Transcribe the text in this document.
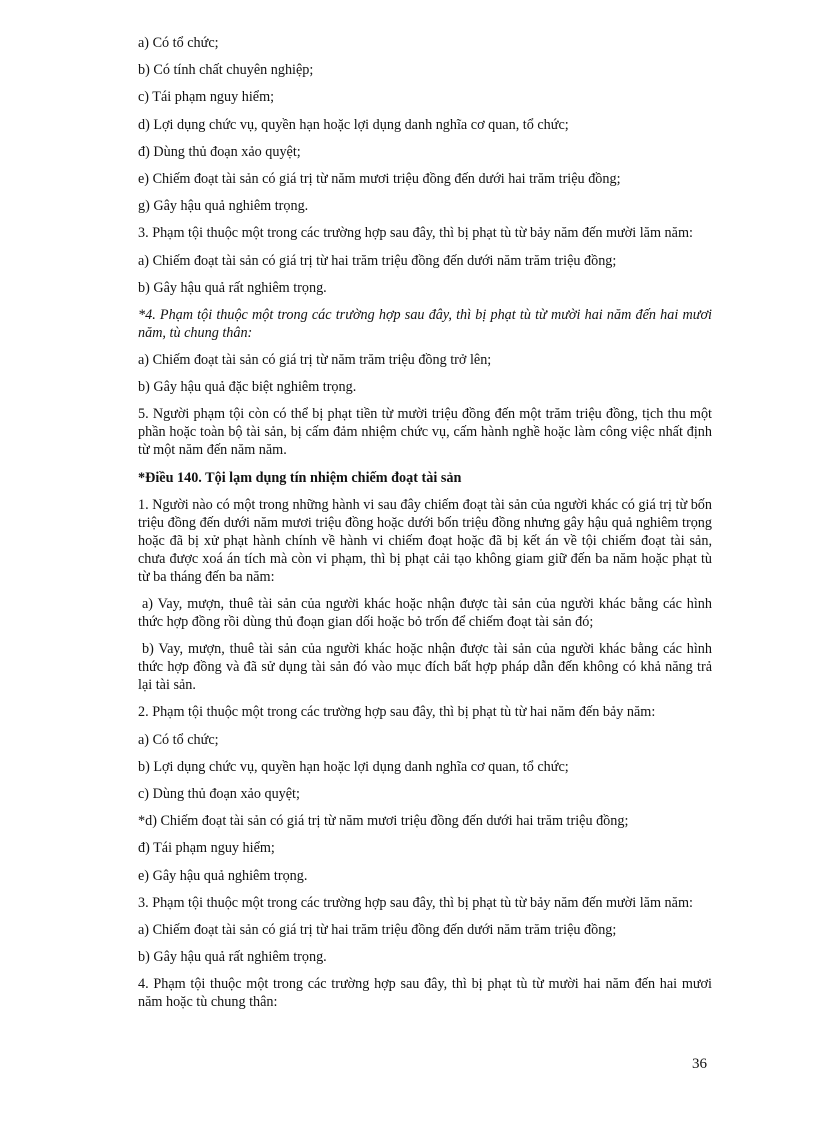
a) Có tổ chức;

b) Có tính chất chuyên nghiệp;

c) Tái phạm nguy hiểm;

d) Lợi dụng chức vụ, quyền hạn hoặc lợi dụng danh nghĩa cơ quan, tổ chức;

đ) Dùng thủ đoạn xảo quyệt;

e) Chiếm đoạt tài sản có giá trị từ năm mươi triệu đồng đến dưới hai trăm triệu đồng;

g) Gây hậu quả nghiêm trọng.

3. Phạm tội thuộc một trong các trường hợp sau đây, thì bị phạt tù từ bảy năm đến mười lăm năm:

a) Chiếm đoạt tài sản có giá trị từ hai trăm triệu đồng đến dưới năm trăm triệu đồng;

b) Gây hậu quả rất nghiêm trọng.

*4. Phạm tội thuộc một trong các trường hợp sau đây, thì bị phạt tù từ mười hai năm đến hai mươi năm, tù chung thân:

a) Chiếm đoạt tài sản có giá trị từ năm trăm triệu đồng trở lên;

b) Gây hậu quả đặc biệt nghiêm trọng.

5. Người phạm tội còn có thể bị phạt tiền từ mười triệu đồng đến một trăm triệu đồng, tịch thu một phần hoặc toàn bộ tài sản, bị cấm đảm nhiệm chức vụ, cấm hành nghề hoặc làm công việc nhất định từ một năm đến năm năm.

*Điều 140. Tội lạm dụng tín nhiệm chiếm đoạt tài sản

1. Người nào có một trong những hành vi sau đây chiếm đoạt tài sản của người khác có giá trị từ bốn triệu đồng đến dưới năm mươi triệu đồng hoặc dưới bốn triệu đồng nhưng gây hậu quả nghiêm trọng hoặc đã bị xử phạt hành chính về hành vi chiếm đoạt hoặc đã bị kết án về tội chiếm đoạt tài sản, chưa được xoá án tích mà còn vi phạm, thì bị phạt cải tạo không giam giữ đến ba năm hoặc phạt tù từ ba tháng đến ba năm:

a) Vay, mượn, thuê tài sản của người khác hoặc nhận được tài sản của người khác bằng các hình thức hợp đồng rồi dùng thủ đoạn gian dối hoặc bỏ trốn để chiếm đoạt tài sản đó;

b) Vay, mượn, thuê tài sản của người khác hoặc nhận được tài sản của người khác bằng các hình thức hợp đồng và đã sử dụng tài sản đó vào mục đích bất hợp pháp dẫn đến không có khả năng trả lại tài sản.

2. Phạm tội thuộc một trong các trường hợp sau đây, thì bị phạt tù từ hai năm đến bảy năm:

a) Có tổ chức;

b) Lợi dụng chức vụ, quyền hạn hoặc lợi dụng danh nghĩa cơ quan, tổ chức;

c) Dùng thủ đoạn xảo quyệt;

*d) Chiếm đoạt tài sản có giá trị từ năm mươi triệu đồng đến dưới hai trăm triệu đồng;

đ) Tái phạm nguy hiểm;

e) Gây hậu quả nghiêm trọng.

3. Phạm tội thuộc một trong các trường hợp sau đây, thì bị phạt tù từ bảy năm đến mười lăm năm:

a) Chiếm đoạt tài sản có giá trị từ hai trăm triệu đồng đến dưới năm trăm triệu đồng;

b) Gây hậu quả rất nghiêm trọng.

4. Phạm tội thuộc một trong các trường hợp sau đây, thì bị phạt tù từ mười hai năm đến hai mươi năm hoặc tù chung thân:

36
